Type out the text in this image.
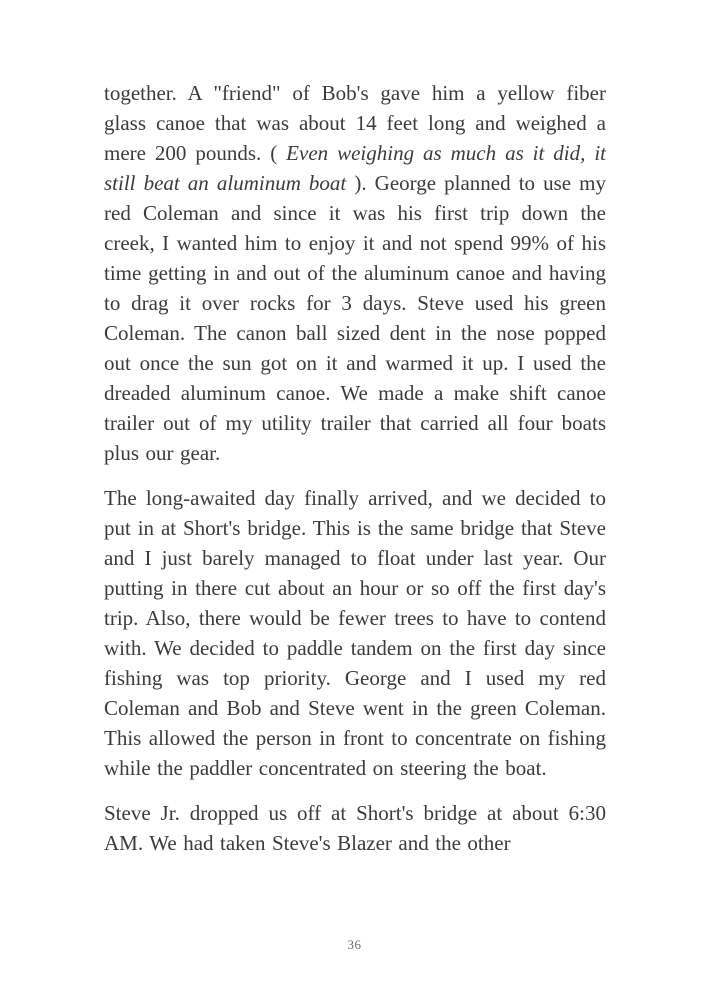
together. A "friend" of Bob's gave him a yellow fiber glass canoe that was about 14 feet long and weighed a mere 200 pounds. ( Even weighing as much as it did, it still beat an aluminum boat ). George planned to use my red Coleman and since it was his first trip down the creek, I wanted him to enjoy it and not spend 99% of his time getting in and out of the aluminum canoe and having to drag it over rocks for 3 days. Steve used his green Coleman. The canon ball sized dent in the nose popped out once the sun got on it and warmed it up. I used the dreaded aluminum canoe. We made a make shift canoe trailer out of my utility trailer that carried all four boats plus our gear.

The long-awaited day finally arrived, and we decided to put in at Short's bridge. This is the same bridge that Steve and I just barely managed to float under last year. Our putting in there cut about an hour or so off the first day's trip. Also, there would be fewer trees to have to contend with. We decided to paddle tandem on the first day since fishing was top priority. George and I used my red Coleman and Bob and Steve went in the green Coleman. This allowed the person in front to concentrate on fishing while the paddler concentrated on steering the boat.

Steve Jr. dropped us off at Short's bridge at about 6:30 AM. We had taken Steve's Blazer and the other

36
